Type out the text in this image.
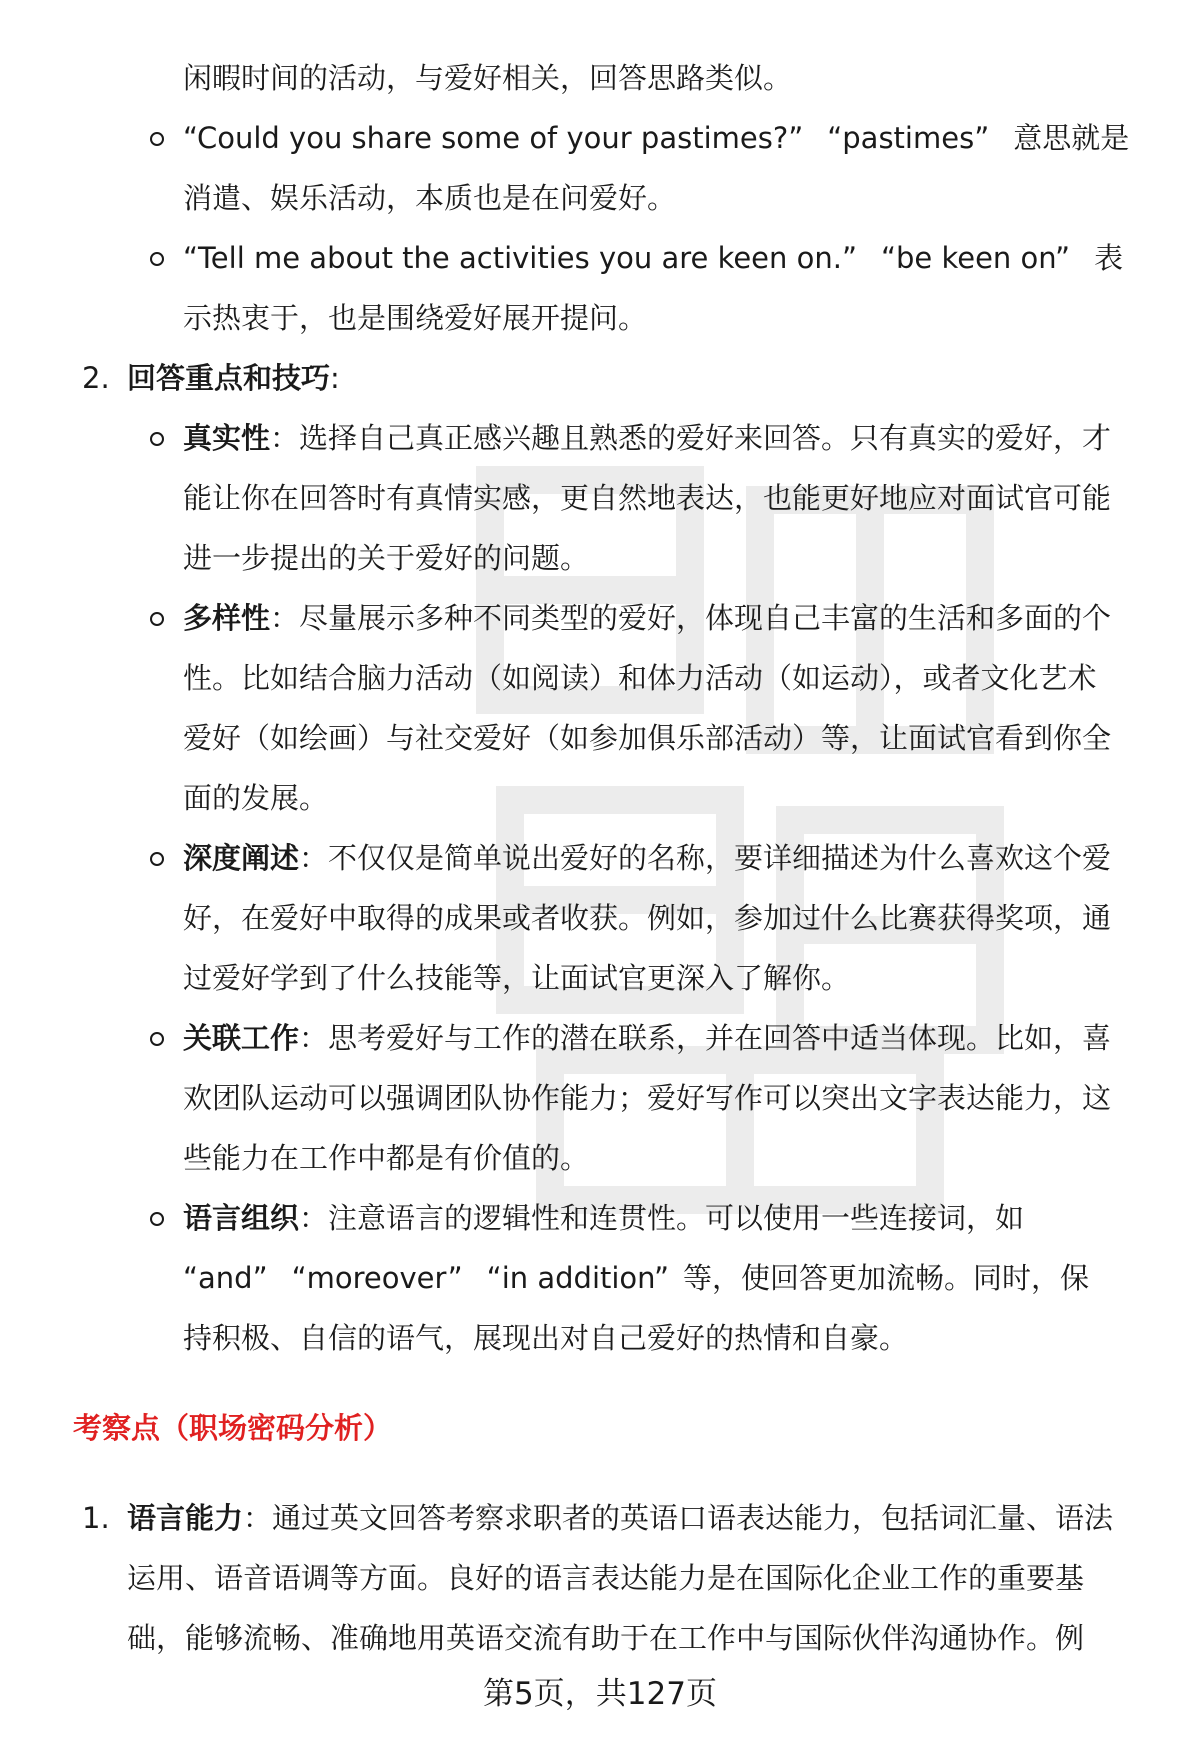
闲暇时间的活动，与爱好相关，回答思路类似。
“Could you share some of your pastimes?” “pastimes” 意思就是
消遣、娱乐活动，本质也是在问爱好。
“Tell me about the activities you are keen on.” “be keen on” 表
示热衷于，也是围绕爱好展开提问。
2. 回答重点和技巧:
真实性：选择自己真正感兴趣且熟悉的爱好来回答。只有真实的爱好，才
能让你在回答时有真情实感，更自然地表达，也能更好地应对面试官可能
进一步提出的关于爱好的问题。
多样性：尽量展示多种不同类型的爱好，体现自己丰富的生活和多面的个
性。比如结合脑力活动（如阅读）和体力活动（如运动），或者文化艺术
爱好（如绘画）与社交爱好（如参加俱乐部活动）等，让面试官看到你全
面的发展。
深度阐述：不仅仅是简单说出爱好的名称，要详细描述为什么喜欢这个爱
好，在爱好中取得的成果或者收获。例如，参加过什么比赛获得奖项，通
过爱好学到了什么技能等，让面试官更深入了解你。
关联工作：思考爱好与工作的潜在联系，并在回答中适当体现。比如，喜
欢团队运动可以强调团队协作能力；爱好写作可以突出文字表达能力，这
些能力在工作中都是有价值的。
语言组织：注意语言的逻辑性和连贯性。可以使用一些连接词，如
“and” “moreover” “in addition” 等，使回答更加流畅。同时，保
持积极、自信的语气，展现出对自己爱好的热情和自豪。
考察点（职场密码分析）
1. 语言能力：通过英文回答考察求职者的英语口语表达能力，包括词汇量、语法
运用、语音语调等方面。良好的语言表达能力是在国际化企业工作的重要基
础，能够流畅、准确地用英语交流有助于在工作中与国际伙伴沟通协作。例
第5页，共127页
